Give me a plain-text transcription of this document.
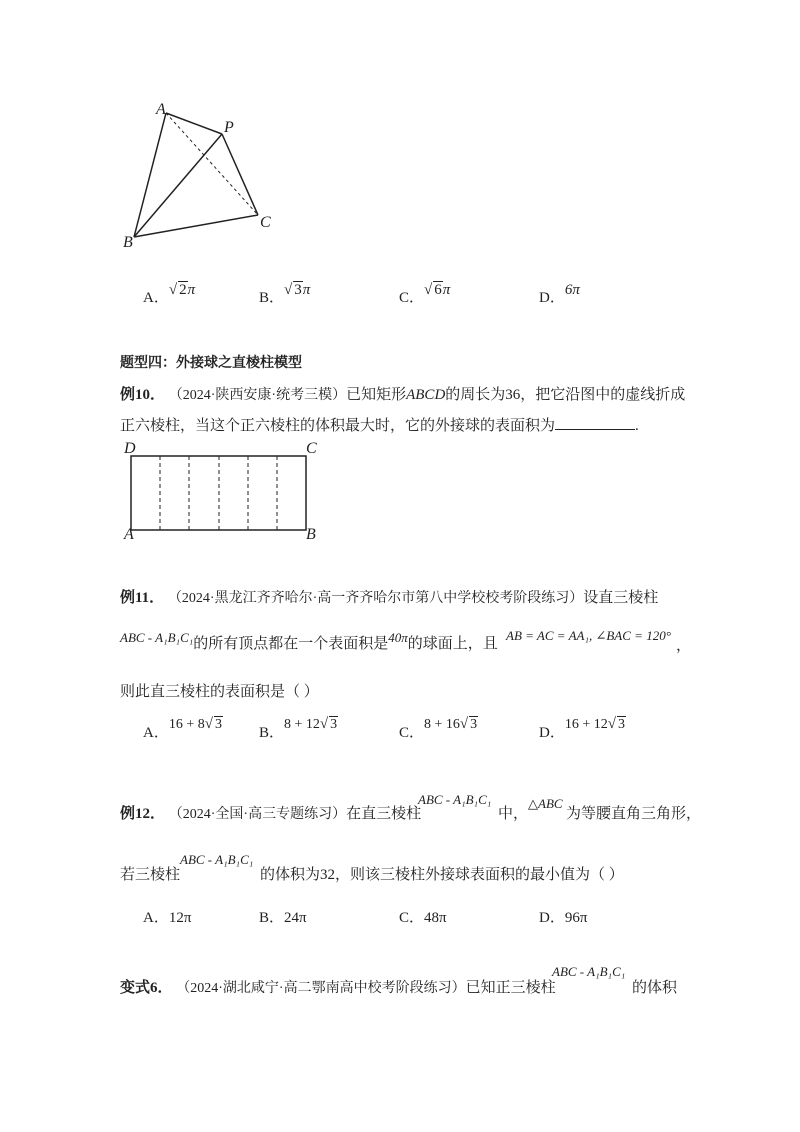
A
P
B
C
A．√ 2π	B．√ 3π	C．√ 6π	D．6π
题型四：外接球之直棱柱模型
例10． （2024·陕西安康·统考三模）已知矩形ABCD的周长为36，把它沿图中的虚线折成
正六棱柱，当这个正六棱柱的体积最大时，它的外接球的表面积为	.
D	C
A	B
例11． （2024·黑龙江齐齐哈尔·高一齐齐哈尔市第八中学校校考阶段练习）设直三棱柱
ABC - A₁B₁C₁的所有顶点都在一个表面积是40π的球面上，且
AB = AC = AA₁, ∠BAC = 120°
，
则此直三棱柱的表面积是（ ）
A．16 + 8√ 3
B．8 + 12√ 3
C．8 + 16√ 3
D．16 + 12√ 3
例12． （2024·全国·高三专题练习）在直三棱柱
ABC - A₁B₁C₁
中，
△ABC
为等腰直角三角形，
若三棱柱
ABC - A₁B₁C₁
的体积为32，则该三棱柱外接球表面积的最小值为（ ）
A．12π	B．24π	C．48π	D．96π
变式6． （2024·湖北咸宁·高二鄂南高中校考阶段练习）已知正三棱柱
ABC - A₁B₁C₁
的体积
